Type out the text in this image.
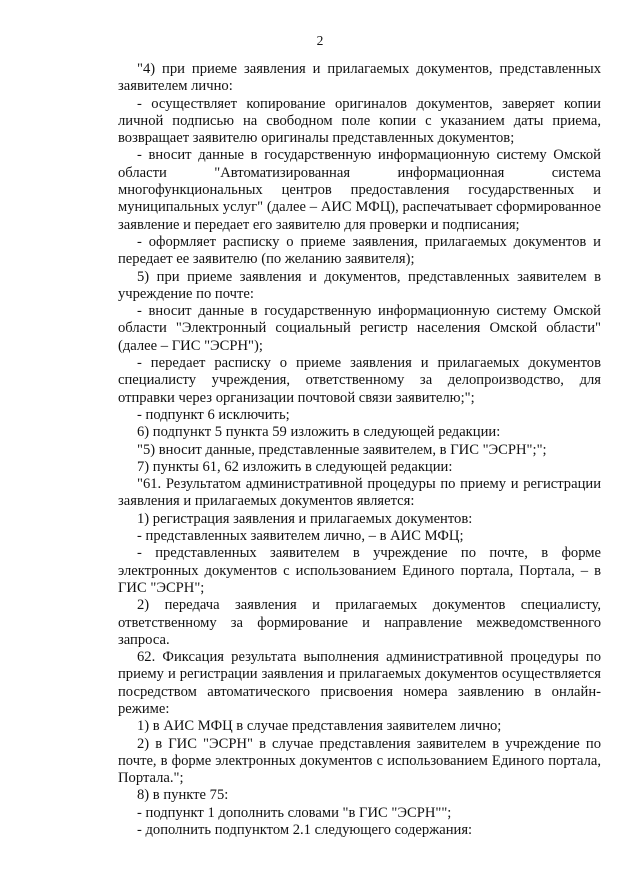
2

"4) при приеме заявления и прилагаемых документов, представленных заявителем лично:

- осуществляет копирование оригиналов документов, заверяет копии личной подписью на свободном поле копии с указанием даты приема, возвращает заявителю оригиналы представленных документов;

- вносит данные в государственную информационную систему Омской области "Автоматизированная информационная система многофункциональных центров предоставления государственных и муниципальных услуг" (далее – АИС МФЦ), распечатывает сформированное заявление и передает его заявителю для проверки и подписания;

- оформляет расписку о приеме заявления, прилагаемых документов и передает ее заявителю (по желанию заявителя);

5) при приеме заявления и документов, представленных заявителем в учреждение по почте:

- вносит данные в государственную информационную систему Омской области "Электронный социальный регистр населения Омской области" (далее – ГИС "ЭСРН");

- передает расписку о приеме заявления и прилагаемых документов специалисту учреждения, ответственному за делопроизводство, для отправки через организации почтовой связи заявителю;";

- подпункт 6 исключить;

6) подпункт 5 пункта 59 изложить в следующей редакции:

"5) вносит данные, представленные заявителем, в ГИС "ЭСРН";";

7) пункты 61, 62 изложить в следующей редакции:

"61. Результатом административной процедуры по приему и регистрации заявления и прилагаемых документов является:

1) регистрация заявления и прилагаемых документов:

- представленных заявителем лично, – в АИС МФЦ;

- представленных заявителем в учреждение по почте, в форме электронных документов с использованием Единого портала, Портала, – в ГИС "ЭСРН";

2) передача заявления и прилагаемых документов специалисту, ответственному за формирование и направление межведомственного запроса.

62. Фиксация результата выполнения административной процедуры по приему и регистрации заявления и прилагаемых документов осуществляется посредством автоматического присвоения номера заявлению в онлайн-режиме:

1) в АИС МФЦ в случае представления заявителем лично;

2) в ГИС "ЭСРН" в случае представления заявителем в учреждение по почте, в форме электронных документов с использованием Единого портала, Портала.";

8) в пункте 75:

- подпункт 1 дополнить словами "в ГИС "ЭСРН"";

- дополнить подпунктом 2.1 следующего содержания:
